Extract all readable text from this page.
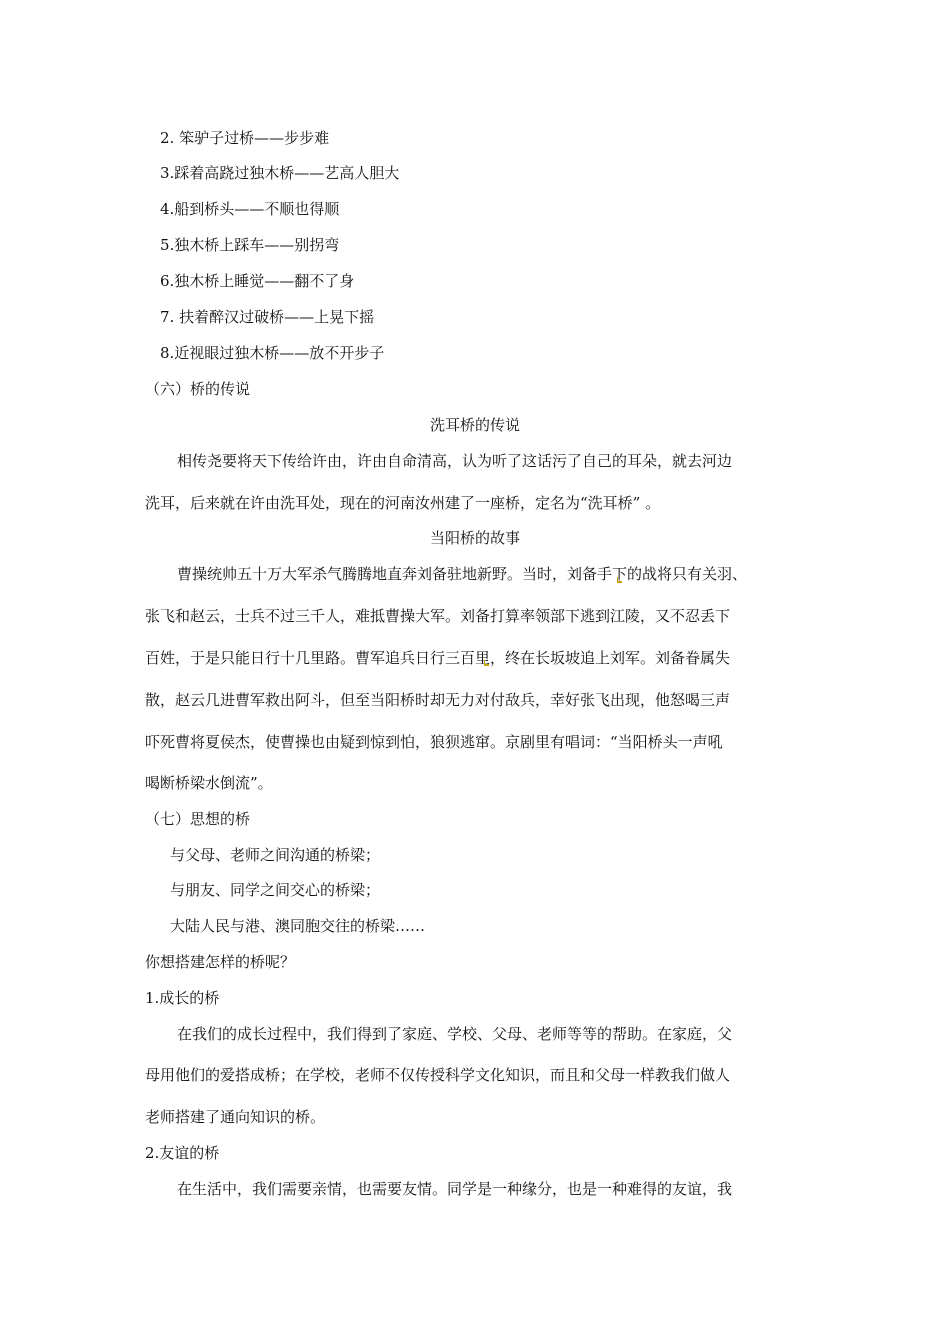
2. 笨驴子过桥——步步难
3.踩着高跷过独木桥——艺高人胆大
4.船到桥头——不顺也得顺
5.独木桥上踩车——别拐弯
6.独木桥上睡觉——翻不了身
7. 扶着醉汉过破桥——上晃下摇
8.近视眼过独木桥——放不开步子
（六）桥的传说
洗耳桥的传说
相传尧要将天下传给许由，许由自命清高，认为听了这话污了自己的耳朵，就去河边
洗耳，后来就在许由洗耳处，现在的河南汝州建了一座桥，定名为“洗耳桥” 。
当阳桥的故事
曹操统帅五十万大军杀气腾腾地直奔刘备驻地新野。当时，刘备手下的战将只有关羽、
张飞和赵云，士兵不过三千人，难抵曹操大军。刘备打算率领部下逃到江陵，又不忍丢下
百姓，于是只能日行十几里路。曹军追兵日行三百里，终在长坂坡追上刘军。刘备眷属失
散，赵云几进曹军救出阿斗，但至当阳桥时却无力对付敌兵，幸好张飞出现，他怒喝三声
吓死曹将夏侯杰，使曹操也由疑到惊到怕，狼狈逃窜。京剧里有唱词：“当阳桥头一声吼
喝断桥梁水倒流”。
（七）思想的桥
与父母、老师之间沟通的桥梁；
与朋友、同学之间交心的桥梁；
大陆人民与港、澳同胞交往的桥梁……
你想搭建怎样的桥呢？
1.成长的桥
在我们的成长过程中，我们得到了家庭、学校、父母、老师等等的帮助。在家庭，父
母用他们的爱搭成桥；在学校，老师不仅传授科学文化知识，而且和父母一样教我们做人
老师搭建了通向知识的桥。
2.友谊的桥
在生活中，我们需要亲情，也需要友情。同学是一种缘分，也是一种难得的友谊，我
